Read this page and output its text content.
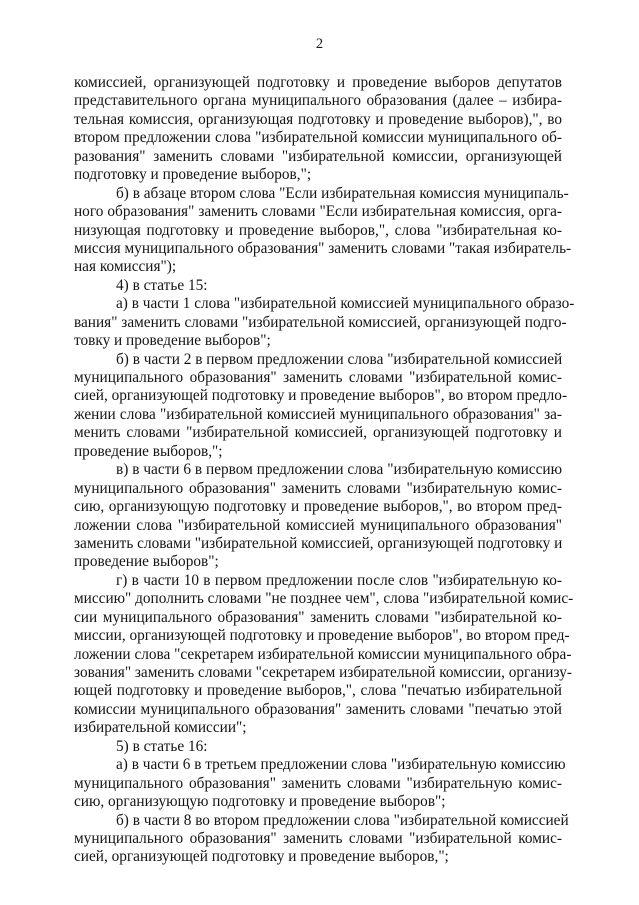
2
комиссией, организующей подготовку и проведение выборов депутатов
представительного органа муниципального образования (далее – избира-
тельная комиссия, организующая подготовку и проведение выборов),", во
втором предложении слова "избирательной комиссии муниципального об-
разования" заменить словами "избирательной комиссии, организующей
подготовку и проведение выборов,";
б) в абзаце втором слова "Если избирательная комиссия муниципаль-
ного образования" заменить словами "Если избирательная комиссия, орга-
низующая подготовку и проведение выборов,", слова "избирательная ко-
миссия муниципального образования" заменить словами "такая избиратель-
ная комиссия");
4) в статье 15:
а) в части 1 слова "избирательной комиссией муниципального образо-
вания" заменить словами "избирательной комиссией, организующей подго-
товку и проведение выборов";
б) в части 2 в первом предложении слова "избирательной комиссией
муниципального образования" заменить словами "избирательной комис-
сией, организующей подготовку и проведение выборов", во втором предло-
жении слова "избирательной комиссией муниципального образования" за-
менить словами "избирательной комиссией, организующей подготовку и
проведение выборов,";
в) в части 6 в первом предложении слова "избирательную комиссию
муниципального образования" заменить словами "избирательную комис-
сию, организующую подготовку и проведение выборов,", во втором пред-
ложении слова "избирательной комиссией муниципального образования"
заменить словами "избирательной комиссией, организующей подготовку и
проведение выборов";
г) в части 10 в первом предложении после слов "избирательную ко-
миссию" дополнить словами "не позднее чем", слова "избирательной комис-
сии муниципального образования" заменить словами "избирательной ко-
миссии, организующей подготовку и проведение выборов", во втором пред-
ложении слова "секретарем избирательной комиссии муниципального обра-
зования" заменить словами "секретарем избирательной комиссии, организу-
ющей подготовку и проведение выборов,", слова "печатью избирательной
комиссии муниципального образования" заменить словами "печатью этой
избирательной комиссии";
5) в статье 16:
а) в части 6 в третьем предложении слова "избирательную комиссию
муниципального образования" заменить словами "избирательную комис-
сию, организующую подготовку и проведение выборов";
б) в части 8 во втором предложении слова "избирательной комиссией
муниципального образования" заменить словами "избирательной комис-
сией, организующей подготовку и проведение выборов,";
